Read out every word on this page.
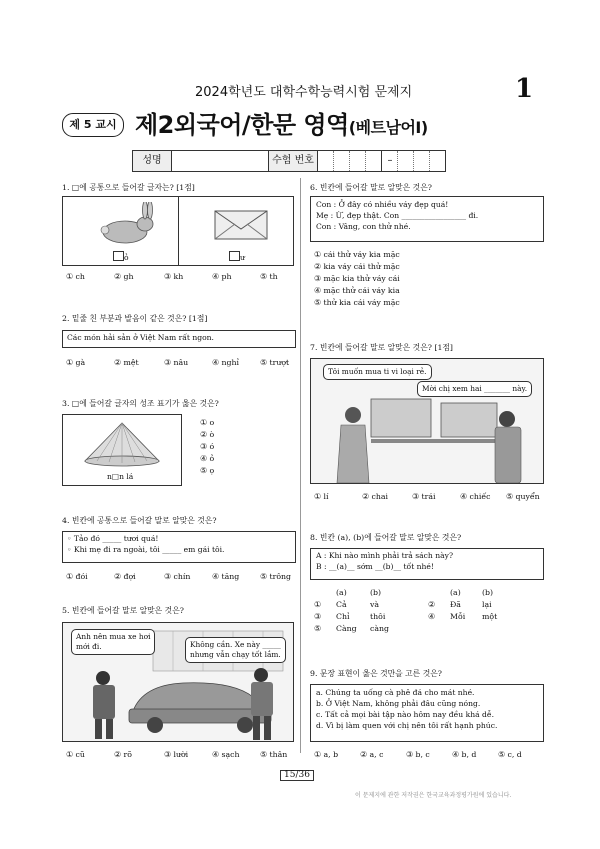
2024학년도 대학수학능력시험 문제지	1
제 5 교시 제2외국어/한문 영역(베트남어Ⅰ)
성명	수험 번호	–
1. □에 공통으로 들어갈 글자는? [1점]
ỏ	ư
① ch	② gh	③ kh	④ ph	⑤ th
2. 밑줄 친 부분과 발음이 같은 것은? [1점]
Các món hải sản ở Việt Nam rất ngon.
① gà	② mệt	③ nâu	④ nghỉ	⑤ trượt
3. □에 들어갈 글자의 성조 표기가 옳은 것은?
n□n lá
① o
② ò
③ ó
④ ỏ
⑤ ọ
4. 빈칸에 공통으로 들어갈 말로 알맞은 것은?
◦ Tảo đó _____ tươi quá!
◦ Khi mẹ đi ra ngoài, tôi _____ em gái tôi.
① đói	② đợi	③ chín	④ tăng	⑤ trông
5. 빈칸에 들어갈 말로 알맞은 것은?
Anh nên mua xe hơi
mới đi.	Không cần. Xe này _____
nhưng vẫn chạy tốt lắm.
① cũ	② rõ	③ lười	④ sạch	⑤ thân
6. 빈칸에 들어갈 말로 알맞은 것은?
Con : Ở đây có nhiều váy đẹp quá!
Mẹ : Ừ, đẹp thật. Con _________________ đi.
Con : Vâng, con thử nhé.
① cái thử váy kia mặc
② kia váy cái thử mặc
③ mặc kia thử váy cái
④ mặc thử cái váy kia
⑤ thử kia cái váy mặc
7. 빈칸에 들어갈 말로 알맞은 것은? [1점]
Tôi muốn mua ti vi loại rẻ.
Mời chị xem hai _______ này.
① lí	② chai	③ trái	④ chiếc ⑤ quyển
8. 빈칸 (a), (b)에 들어갈 말로 알맞은 것은?
A : Khi nào mình phải trả sách này?
B : __(a)__ sớm __(b)__ tốt nhé!
(a)	(b)	(a)	(b)
① Cả	và	② Đã	lại
③ Chỉ	thôi	④ Mỗi một
⑤ Càng càng
9. 문장 표현이 옳은 것만을 고른 것은?
a. Chúng ta uống cà phê đá cho mát nhé.
b. Ở Việt Nam, không phải đâu cũng nóng.
c. Tất cả mọi bài tập nào hôm nay đều khá dễ.
d. Vì bị làm quen với chị nên tôi rất hạnh phúc.
① a, b	② a, c	③ b, c	④ b, d	⑤ c, d
15/36
이 문제지에 관한 저작권은 한국교육과정평가원에 있습니다.
